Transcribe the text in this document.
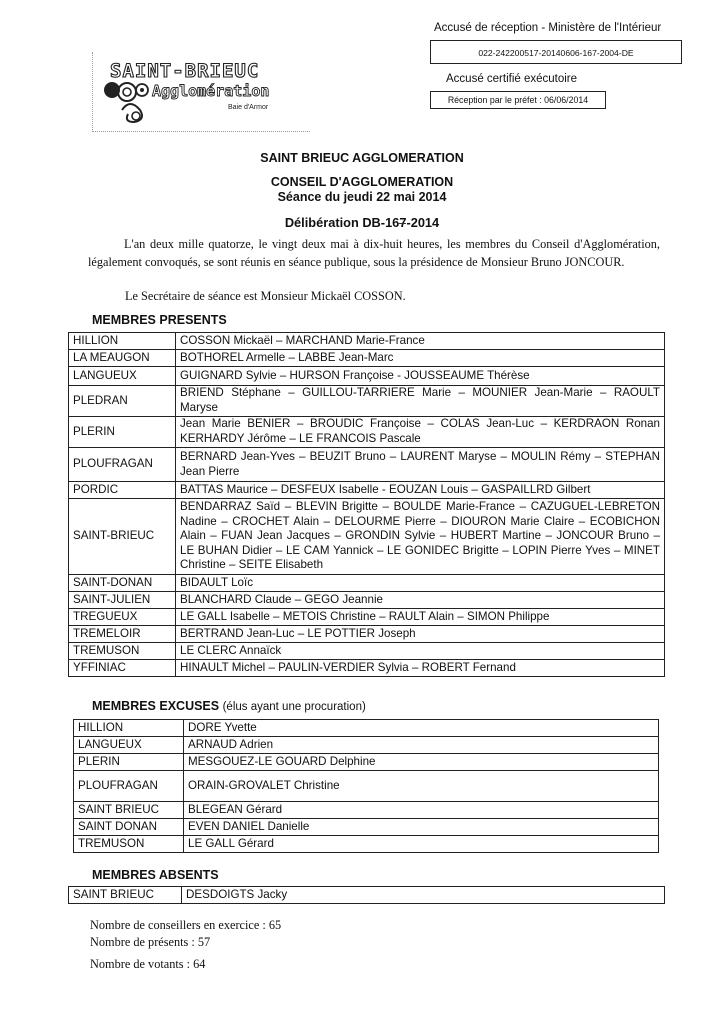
Accusé de réception - Ministère de l'Intérieur
022-242200517-20140606-167-2004-DE
Accusé certifié exécutoire
Réception par le préfet : 06/06/2014
SAINT-BRIEUC
Agglomération
Baie d'Armor
SAINT BRIEUC AGGLOMERATION
CONSEIL D'AGGLOMERATION
Séance du jeudi 22 mai 2014
Délibération DB-167-2014
L'an deux mille quatorze, le vingt deux mai à dix-huit heures, les membres du Conseil d'Agglomération, légalement convoqués, se sont réunis en séance publique, sous la présidence de Monsieur Bruno JONCOUR.
Le Secrétaire de séance est Monsieur Mickaël COSSON.
MEMBRES PRESENTS
HILLION	COSSON Mickaël – MARCHAND Marie-France
LA MEAUGON	BOTHOREL Armelle – LABBE Jean-Marc
LANGUEUX	GUIGNARD Sylvie – HURSON Françoise - JOUSSEAUME Thérèse
PLEDRAN	BRIEND Stéphane – GUILLOU-TARRIERE Marie – MOUNIER Jean-Marie – RAOULT Maryse
PLERIN	Jean Marie BENIER – BROUDIC Françoise – COLAS Jean-Luc – KERDRAON Ronan KERHARDY Jérôme – LE FRANCOIS Pascale
PLOUFRAGAN	BERNARD Jean-Yves – BEUZIT Bruno – LAURENT Maryse – MOULIN Rémy – STEPHAN Jean Pierre
PORDIC	BATTAS Maurice – DESFEUX Isabelle - EOUZAN Louis – GASPAILLRD Gilbert
SAINT-BRIEUC	BENDARRAZ Saïd – BLEVIN Brigitte – BOULDE Marie-France – CAZUGUEL-LEBRETON Nadine – CROCHET Alain – DELOURME Pierre – DIOURON Marie Claire – ECOBICHON Alain – FUAN Jean Jacques – GRONDIN Sylvie – HUBERT Martine – JONCOUR Bruno – LE BUHAN Didier – LE CAM Yannick – LE GONIDEC Brigitte – LOPIN Pierre Yves – MINET Christine – SEITE Elisabeth
SAINT-DONAN	BIDAULT Loïc
SAINT-JULIEN	BLANCHARD Claude – GEGO Jeannie
TREGUEUX	LE GALL Isabelle – METOIS Christine – RAULT Alain – SIMON Philippe
TREMELOIR	BERTRAND Jean-Luc – LE POTTIER Joseph
TREMUSON	LE CLERC Annaïck
YFFINIAC	HINAULT Michel – PAULIN-VERDIER Sylvia – ROBERT Fernand
MEMBRES EXCUSES (élus ayant une procuration)
HILLION	DORE Yvette
LANGUEUX	ARNAUD Adrien
PLERIN	MESGOUEZ-LE GOUARD Delphine
PLOUFRAGAN	ORAIN-GROVALET Christine
SAINT BRIEUC	BLEGEAN Gérard
SAINT DONAN	EVEN DANIEL Danielle
TREMUSON	LE GALL Gérard
MEMBRES ABSENTS
SAINT BRIEUC	DESDOIGTS Jacky
Nombre de conseillers en exercice : 65
Nombre de présents : 57
Nombre de votants : 64
